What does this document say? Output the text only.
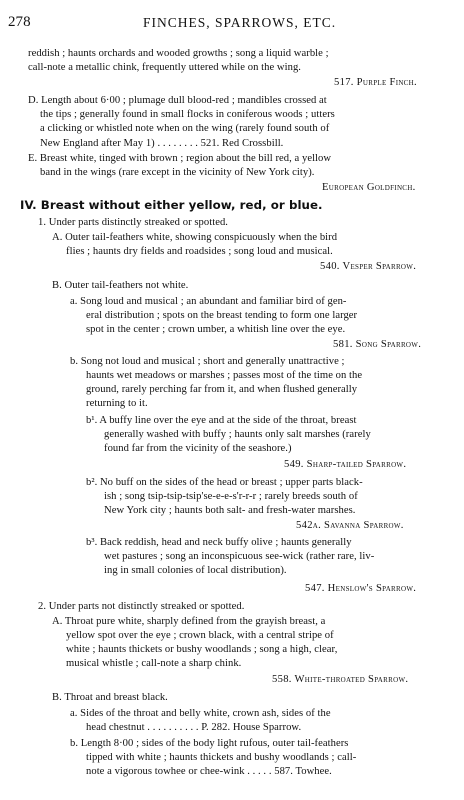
278	FINCHES, SPARROWS, ETC.
reddish ; haunts orchards and wooded growths ; song a liquid warble ;
call-note a metallic chink, frequently uttered while on the wing.
517. Purple Finch.
D. Length about 6·00 ; plumage dull blood-red ; mandibles crossed at
the tips ; generally found in small flocks in coniferous woods ; utters
a clicking or whistled note when on the wing (rarely found south of
New England after May 1) . . . . . . . . 521. Red Crossbill.
E. Breast white, tinged with brown ; region about the bill red, a yellow
band in the wings (rare except in the vicinity of New York city).
European Goldfinch.
IV. Breast without either yellow, red, or blue.
1. Under parts distinctly streaked or spotted.
A. Outer tail-feathers white, showing conspicuously when the bird
flies ; haunts dry fields and roadsides ; song loud and musical.
540. Vesper Sparrow.
B. Outer tail-feathers not white.
a. Song loud and musical ; an abundant and familiar bird of gen-
eral distribution ; spots on the breast tending to form one larger
spot in the center ; crown umber, a whitish line over the eye.
581. Song Sparrow.
b. Song not loud and musical ; short and generally unattractive ;
haunts wet meadows or marshes ; passes most of the time on the
ground, rarely perching far from it, and when flushed generally
returning to it.
b¹. A buffy line over the eye and at the side of the throat, breast
generally washed with buffy ; haunts only salt marshes (rarely
found far from the vicinity of the seashore.)
549. Sharp-tailed Sparrow.
b². No buff on the sides of the head or breast ; upper parts black-
ish ; song tsip-tsip-tsip'se-e-e-s'r-r-r ; rarely breeds south of
New York city ; haunts both salt- and fresh-water marshes.
542a. Savanna Sparrow.
b³. Back reddish, head and neck buffy olive ; haunts generally
wet pastures ; song an inconspicuous see-wick (rather rare, liv-
ing in small colonies of local distribution).
547. Henslow's Sparrow.
2. Under parts not distinctly streaked or spotted.
A. Throat pure white, sharply defined from the grayish breast, a
yellow spot over the eye ; crown black, with a central stripe of
white ; haunts thickets or bushy woodlands ; song a high, clear,
musical whistle ; call-note a sharp chink.
558. White-throated Sparrow.
B. Throat and breast black.
a. Sides of the throat and belly white, crown ash, sides of the
head chestnut . . . . . . . . . . P. 282. House Sparrow.
b. Length 8·00 ; sides of the body light rufous, outer tail-feathers
tipped with white ; haunts thickets and bushy woodlands ; call-
note a vigorous towhee or chee-wink . . . . . 587. Towhee.
